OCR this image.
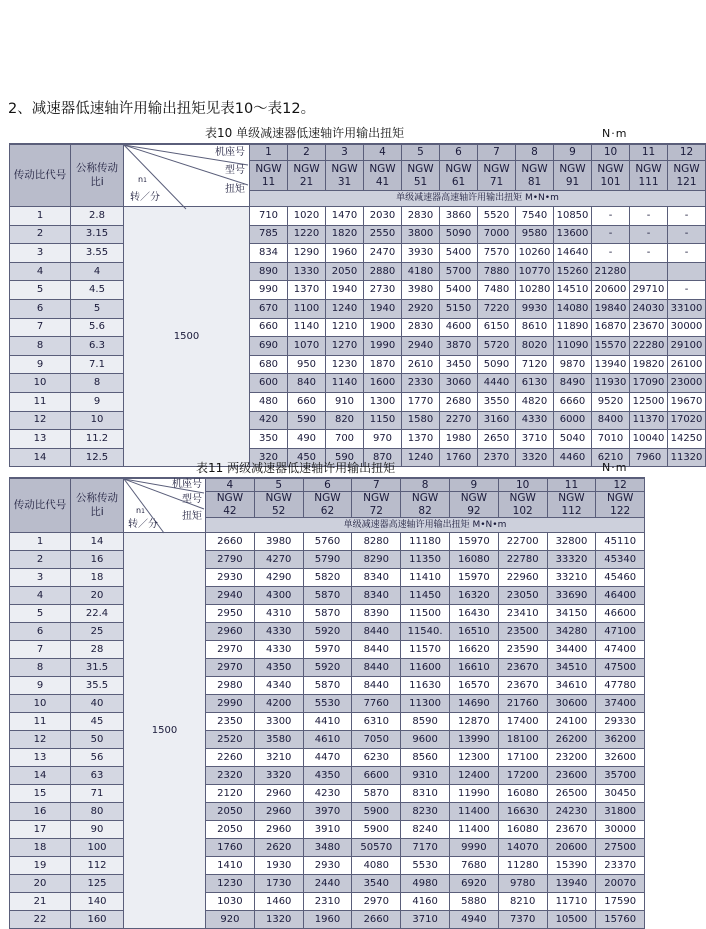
2、减速器低速轴许用输出扭矩见表10～表12。
表10 单级减速器低速轴许用输出扭矩	N·m

传动比代号	公称传动比i	机座号
型号
扭矩
n1
转／分		1	2	3	4	5	6	7	8	9	10	11	12
				NGW 11	NGW 21	NGW 31	NGW 41	NGW 51	NGW 61	NGW 71	NGW 81	NGW 91	NGW 101	NGW 111	NGW 121
				单级减速器高速轴许用输出扭矩 M•N•m											
1	2.8	1500		710	1020	1470	2030	2830	3860	5520	7540	10850	-	-	-
2	3.15			785	1220	1820	2550	3800	5090	7000	9580	13600	-	-	-
3	3.55			834	1290	1960	2470	3930	5400	7570	10260	14640	-	-	-
4	4			890	1330	2050	2880	4180	5700	7880	10770	15260	21280		
5	4.5			990	1370	1940	2730	3980	5400	7480	10280	14510	20600	29710	-
6	5			670	1100	1240	1940	2920	5150	7220	9930	14080	19840	24030	33100
7	5.6			660	1140	1210	1900	2830	4600	6150	8610	11890	16870	23670	30000
8	6.3			690	1070	1270	1990	2940	3870	5720	8020	11090	15570	22280	29100
9	7.1			680	950	1230	1870	2610	3450	5090	7120	9870	13940	19820	26100
10	8			600	840	1140	1600	2330	3060	4440	6130	8490	11930	17090	23000
11	9			480	660	910	1300	1770	2680	3550	4820	6660	9520	12500	19670
12	10			420	590	820	1150	1580	2270	3160	4330	6000	8400	11370	17020
13	11.2			350	490	700	970	1370	1980	2650	3710	5040	7010	10040	14250
14	12.5			320	450	590	870	1240	1760	2370	3320	4460	6210	7960	11320
表11 两级减速器低速轴许用输出扭矩	N·m

传动比代号	公称传动比i	机座号
型号
扭矩
n1
转／分		4	5	6	7	8	9	10	11	12
				NGW 42	NGW 52	NGW 62	NGW 72	NGW 82	NGW 92	NGW 102	NGW 112	NGW 122
				单级减速器高速轴许用输出扭矩 M•N•m								
1	14	1500		2660	3980	5760	8280	11180	15970	22700	32800	45110
2	16			2790	4270	5790	8290	11350	16080	22780	33320	45340
3	18			2930	4290	5820	8340	11410	15970	22960	33210	45460
4	20			2940	4300	5870	8340	11450	16320	23050	33690	46400
5	22.4			2950	4310	5870	8390	11500	16430	23410	34150	46600
6	25			2960	4330	5920	8440	11540.	16510	23500	34280	47100
7	28			2970	4330	5970	8440	11570	16620	23590	34400	47400
8	31.5			2970	4350	5920	8440	11600	16610	23670	34510	47500
9	35.5			2980	4340	5870	8440	11630	16570	23670	34610	47780
10	40			2990	4200	5530	7760	11300	14690	21760	30600	37400
11	45			2350	3300	4410	6310	8590	12870	17400	24100	29330
12	50			2520	3580	4610	7050	9600	13990	18100	26200	36200
13	56			2260	3210	4470	6230	8560	12300	17100	23200	32600
14	63			2320	3320	4350	6600	9310	12400	17200	23600	35700
15	71			2120	2960	4230	5870	8310	11990	16080	26500	30450
16	80			2050	2960	3970	5900	8230	11400	16630	24230	31800
17	90			2050	2960	3910	5900	8240	11400	16080	23670	30000
18	100			1760	2620	3480	50570	7170	9990	14070	20600	27500
19	112			1410	1930	2930	4080	5530	7680	11280	15390	23370
20	125			1230	1730	2440	3540	4980	6920	9780	13940	20070
21	140			1030	1460	2310	2970	4160	5880	8210	11710	17590
22	160			920	1320	1960	2660	3710	4940	7370	10500	15760
